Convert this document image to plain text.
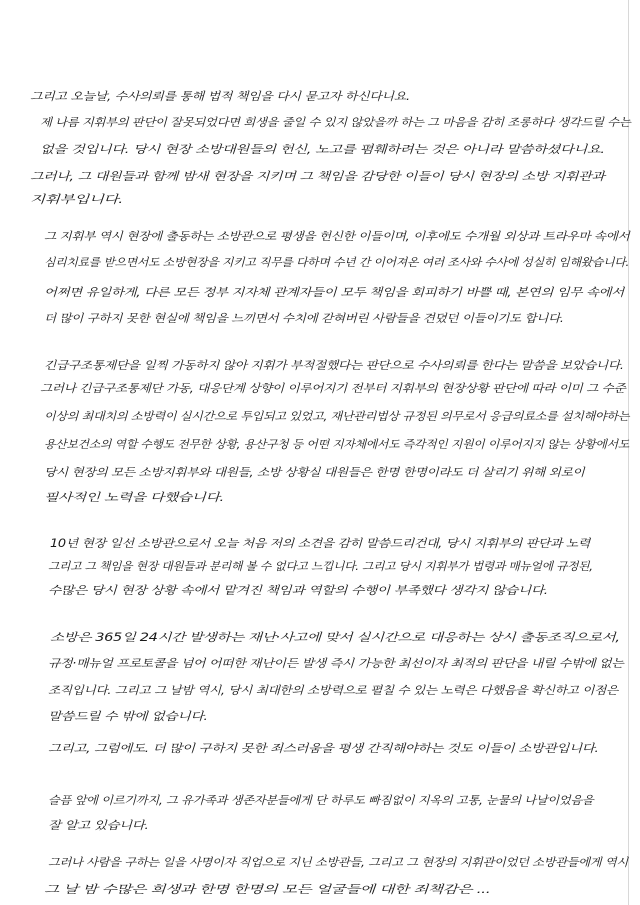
그리고 오늘날, 수사의뢰를 통해 법적 책임을 다시 묻고자 하신다니요.
제 나름 지휘부의 판단이 잘못되었다면 희생을 줄일 수 있지 않았을까 하는 그 마음을 감히 조롱하다 생각드릴 수는
없을 것입니다. 당시 현장 소방대원들의 헌신, 노고를 폄훼하려는 것은 아니라 말씀하셨다니요.
그러나, 그 대원들과 함께 밤새 현장을 지키며 그 책임을 감당한 이들이 당시 현장의 소방 지휘관과
지휘부입니다.
그 지휘부 역시 현장에 출동하는 소방관으로 평생을 헌신한 이들이며, 이후에도 수개월 외상과 트라우마 속에서
심리치료를 받으면서도 소방현장을 지키고 직무를 다하며 수년 간 이어져온 여러 조사와 수사에 성실히 임해왔습니다.
어쩌면 유일하게, 다른 모든 정부 지자체 관계자들이 모두 책임을 회피하기 바쁠 때, 본연의 임무 속에서
더 많이 구하지 못한 현실에 책임을 느끼면서 수치에 갇혀버린 사람들을 견뎠던 이들이기도 합니다.
긴급구조통제단을 일찍 가동하지 않아 지휘가 부적절했다는 판단으로 수사의뢰를 한다는 말씀을 보았습니다.
그러나 긴급구조통제단 가동, 대응단계 상향이 이루어지기 전부터 지휘부의 현장상황 판단에 따라 이미 그 수준
이상의 최대치의 소방력이 실시간으로 투입되고 있었고, 재난관리법상 규정된 의무로서 응급의료소를 설치해야하는
용산보건소의 역할 수행도 전무한 상황, 용산구청 등 어떤 지자체에서도 즉각적인 지원이 이루어지지 않는 상황에서도
당시 현장의 모든 소방지휘부와 대원들, 소방 상황실 대원들은 한명 한명이라도 더 살리기 위해 외로이
필사적인 노력을 다했습니다.
10년 현장 일선 소방관으로서 오늘 처음 저의 소견을 감히 말씀드리건대, 당시 지휘부의 판단과 노력
그리고 그 책임을 현장 대원들과 분리해 볼 수 없다고 느낍니다. 그리고 당시 지휘부가 법령과 매뉴얼에 규정된,
수많은 당시 현장 상황 속에서 맡겨진 책임과 역할의 수행이 부족했다 생각지 않습니다.
소방은 365일 24시간 발생하는 재난·사고에 맞서 실시간으로 대응하는 상시 출동조직으로서,
규정·매뉴얼 프로토콜을 넘어 어떠한 재난이든 발생 즉시 가능한 최선이자 최적의 판단을 내릴 수밖에 없는
조직입니다. 그리고 그 날밤 역시, 당시 최대한의 소방력으로 펼칠 수 있는 노력은 다했음을 확신하고 이점은
말씀드릴 수 밖에 없습니다.
그리고, 그럼에도. 더 많이 구하지 못한 죄스러움을 평생 간직해야하는 것도 이들이 소방관입니다.
슬픔 앞에 이르기까지, 그 유가족과 생존자분들에게 단 하루도 빠짐없이 지옥의 고통, 눈물의 나날이었음을
잘 알고 있습니다.
그러나 사람을 구하는 일을 사명이자 직업으로 지닌 소방관들, 그리고 그 현장의 지휘관이었던 소방관들에게 역시
그 날 밤 수많은 희생과 한명 한명의 모든 얼굴들에 대한 죄책감은 ...
